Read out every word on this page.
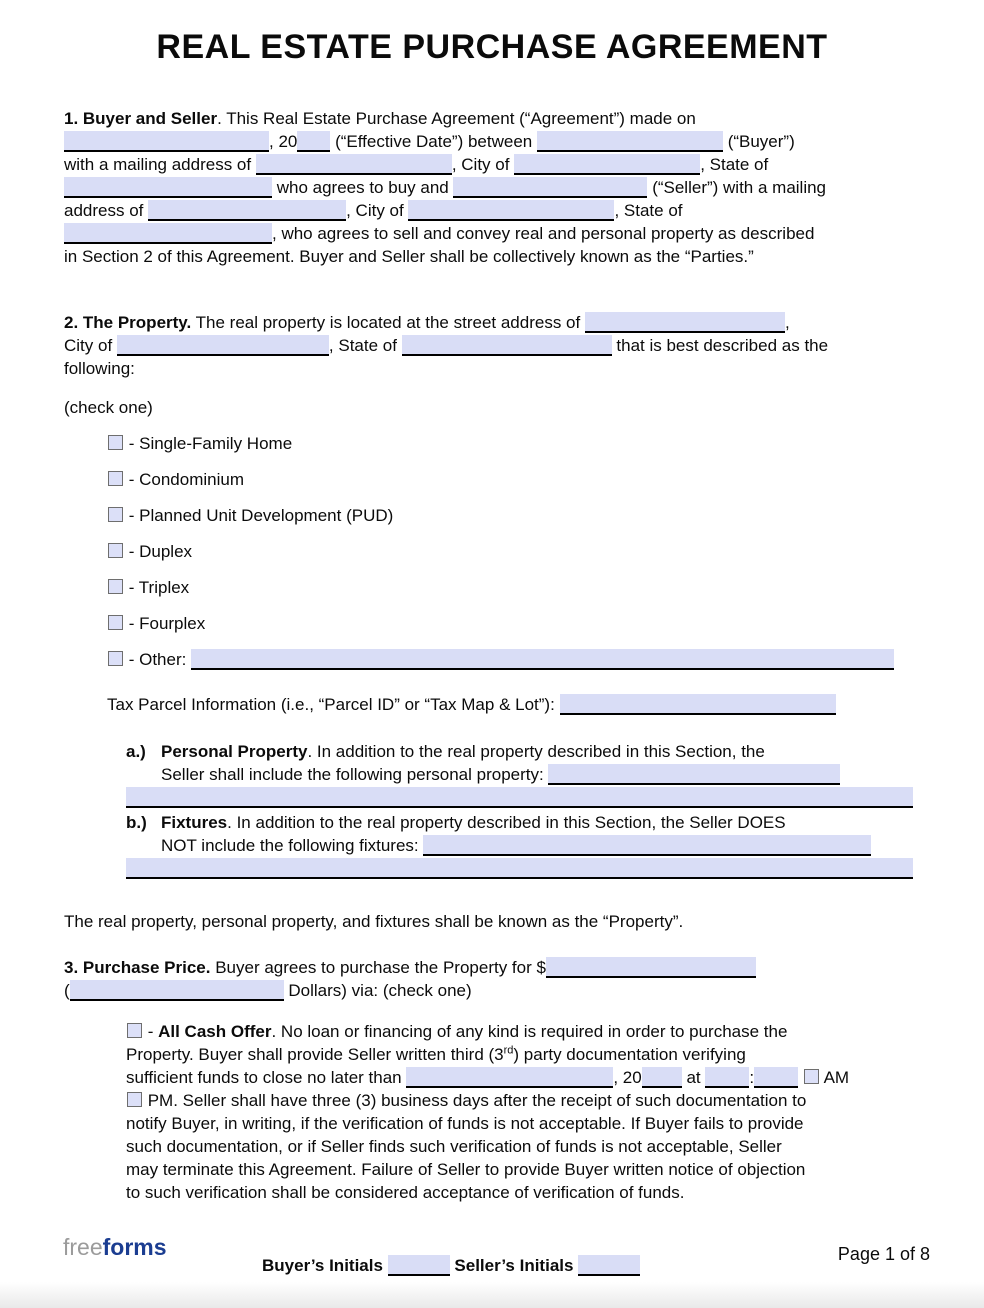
REAL ESTATE PURCHASE AGREEMENT
1. Buyer and Seller. This Real Estate Purchase Agreement (“Agreement”) made on
, 20 (“Effective Date”) between	(“Buyer”)
with a mailing address of	, City of	, State of
who agrees to buy and	(“Seller”) with a mailing
address of	, City of	, State of
, who agrees to sell and convey real and personal property as described
in Section 2 of this Agreement. Buyer and Seller shall be collectively known as the “Parties.”
2. The Property. The real property is located at the street address of	,
City of	, State of	that is best described as the
following:
(check one)
- Single-Family Home
- Condominium
- Planned Unit Development (PUD)
- Duplex
- Triplex
- Fourplex
- Other:
Tax Parcel Information (i.e., “Parcel ID” or “Tax Map & Lot”):
a.) Personal Property. In addition to the real property described in this Section, the
Seller shall include the following personal property:
b.) Fixtures. In addition to the real property described in this Section, the Seller DOES
NOT include the following fixtures:
The real property, personal property, and fixtures shall be known as the “Property”.
3. Purchase Price. Buyer agrees to purchase the Property for $
(	Dollars) via: (check one)
- All Cash Offer. No loan or financing of any kind is required in order to purchase the
Property. Buyer shall provide Seller written third (3rd) party documentation verifying
sufficient funds to close no later than	, 20 at	:	AM
PM. Seller shall have three (3) business days after the receipt of such documentation to
notify Buyer, in writing, if the verification of funds is not acceptable. If Buyer fails to provide
such documentation, or if Seller finds such verification of funds is not acceptable, Seller
may terminate this Agreement. Failure of Seller to provide Buyer written notice of objection
to such verification shall be considered acceptance of verification of funds.
freeforms
Buyer’s Initials	Seller’s Initials
Page 1 of 8
